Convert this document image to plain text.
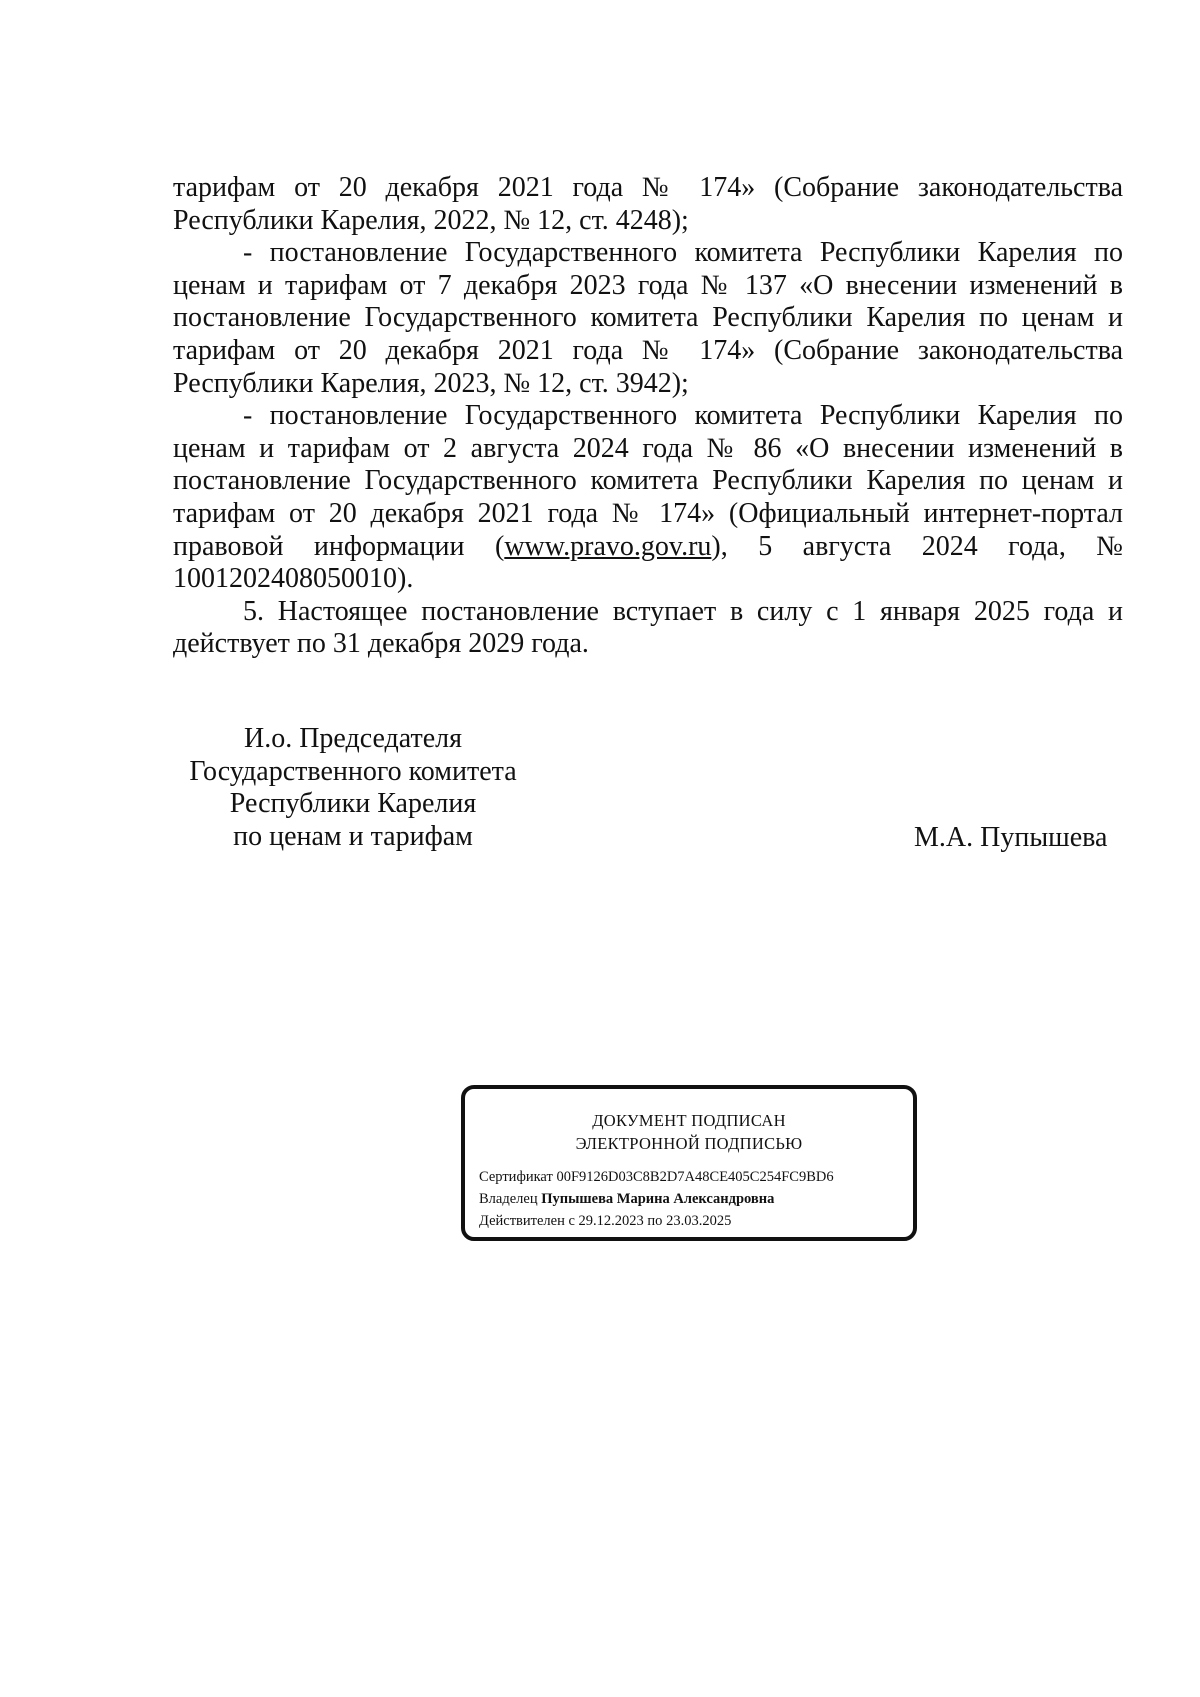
тарифам от 20 декабря 2021 года № 174» (Собрание законодательства Республики Карелия, 2022, № 12, ст. 4248);

- постановление Государственного комитета Республики Карелия по ценам и тарифам от 7 декабря 2023 года № 137 «О внесении изменений в постановление Государственного комитета Республики Карелия по ценам и тарифам от 20 декабря 2021 года № 174» (Собрание законодательства Республики Карелия, 2023, № 12, ст. 3942);

- постановление Государственного комитета Республики Карелия по ценам и тарифам от 2 августа 2024 года № 86 «О внесении изменений в постановление Государственного комитета Республики Карелия по ценам и тарифам от 20 декабря 2021 года № 174» (Официальный интернет-портал правовой информации (www.pravo.gov.ru), 5 августа 2024 года, № 1001202408050010).

5. Настоящее постановление вступает в силу с 1 января 2025 года и действует по 31 декабря 2029 года.

И.о. Председателя
Государственного комитета
Республики Карелия
по ценам и тарифам	М.А. Пупышева
ДОКУМЕНТ ПОДПИСАН
ЭЛЕКТРОННОЙ ПОДПИСЬЮ
Сертификат 00F9126D03C8B2D7A48CE405C254FC9BD6
Владелец Пупышева Марина Александровна
Действителен с 29.12.2023 по 23.03.2025
